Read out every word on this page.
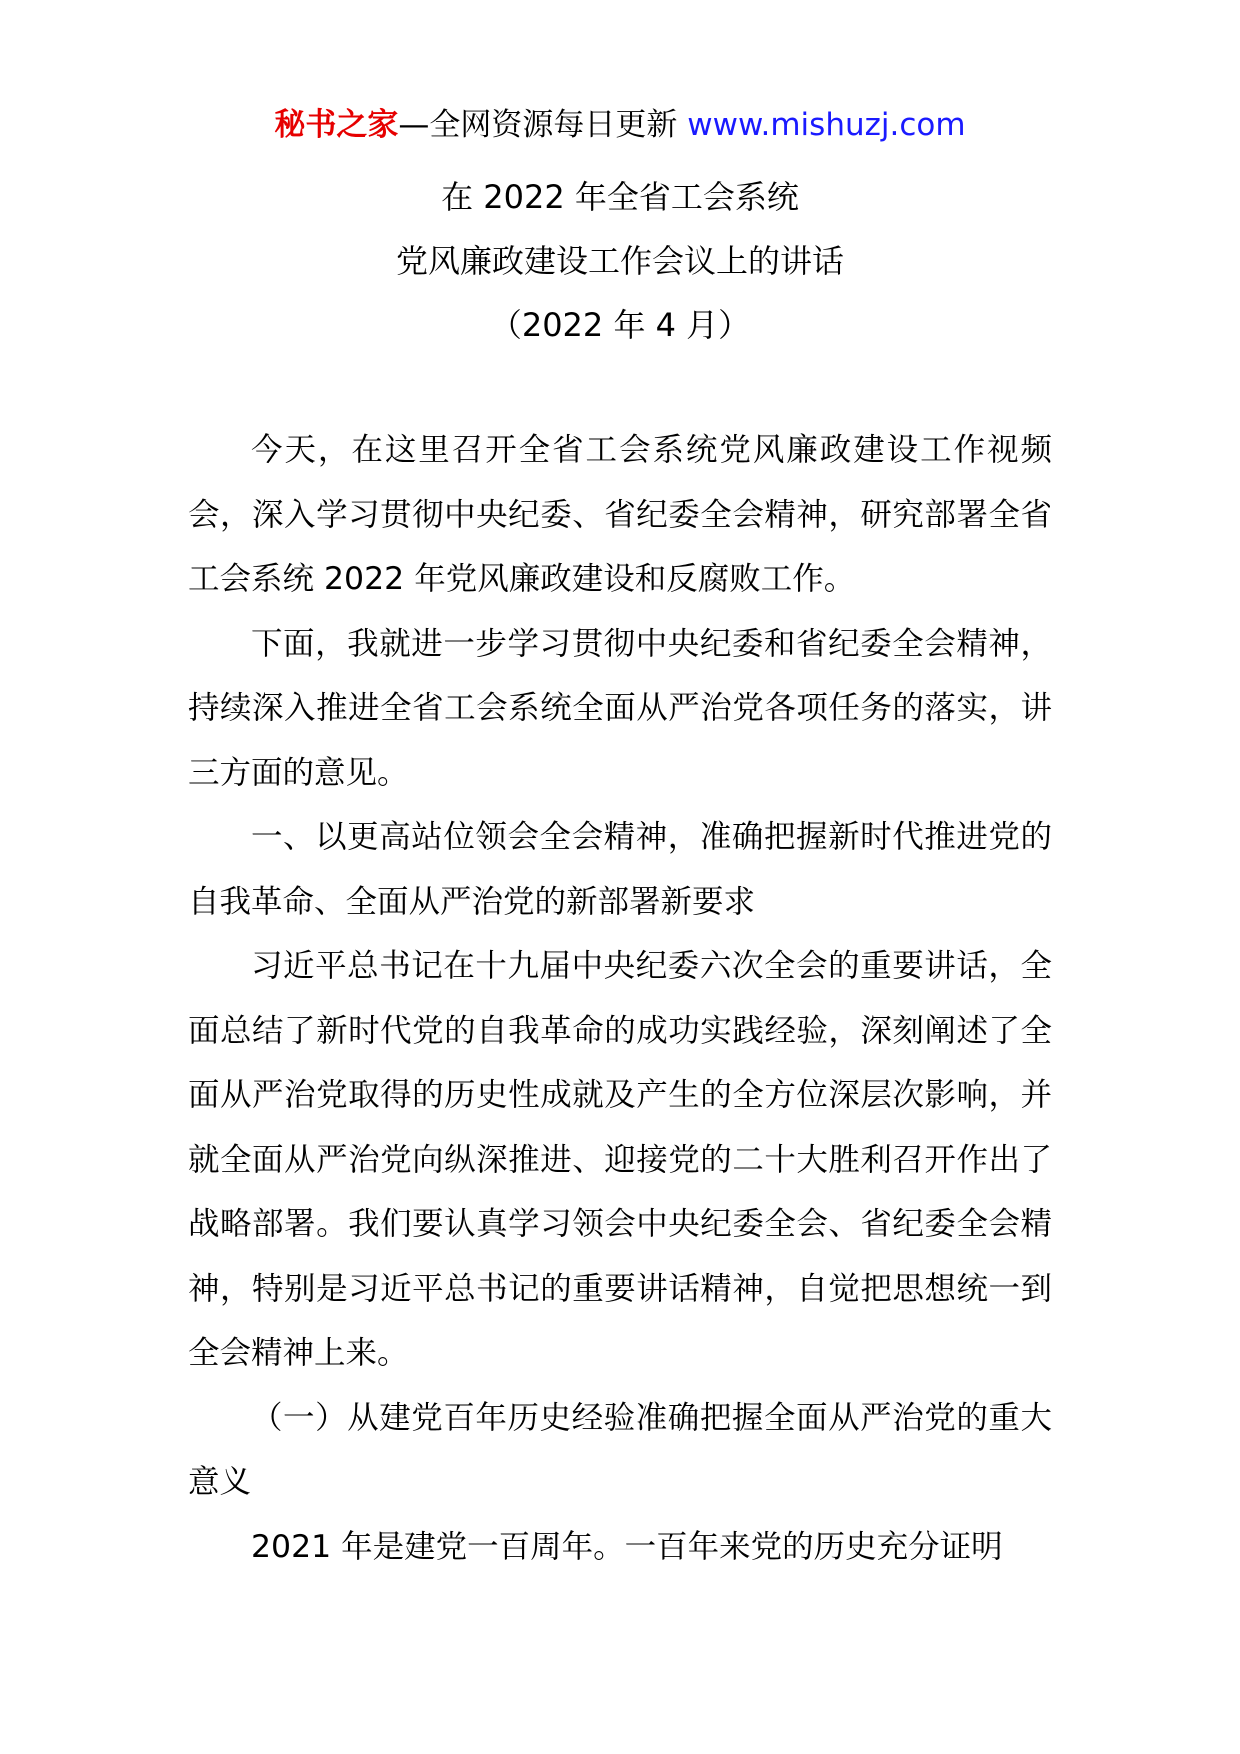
秘书之家—全网资源每日更新 www.mishuzj.com
在 2022 年全省工会系统
党风廉政建设工作会议上的讲话
（2022 年 4 月）

今天，在这里召开全省工会系统党风廉政建设工作视频会，深入学习贯彻中央纪委、省纪委全会精神，研究部署全省工会系统 2022 年党风廉政建设和反腐败工作。

下面，我就进一步学习贯彻中央纪委和省纪委全会精神，持续深入推进全省工会系统全面从严治党各项任务的落实，讲三方面的意见。

一、以更高站位领会全会精神，准确把握新时代推进党的自我革命、全面从严治党的新部署新要求

习近平总书记在十九届中央纪委六次全会的重要讲话，全面总结了新时代党的自我革命的成功实践经验，深刻阐述了全面从严治党取得的历史性成就及产生的全方位深层次影响，并就全面从严治党向纵深推进、迎接党的二十大胜利召开作出了战略部署。我们要认真学习领会中央纪委全会、省纪委全会精神，特别是习近平总书记的重要讲话精神，自觉把思想统一到全会精神上来。

（一）从建党百年历史经验准确把握全面从严治党的重大意义

2021 年是建党一百周年。一百年来党的历史充分证明
